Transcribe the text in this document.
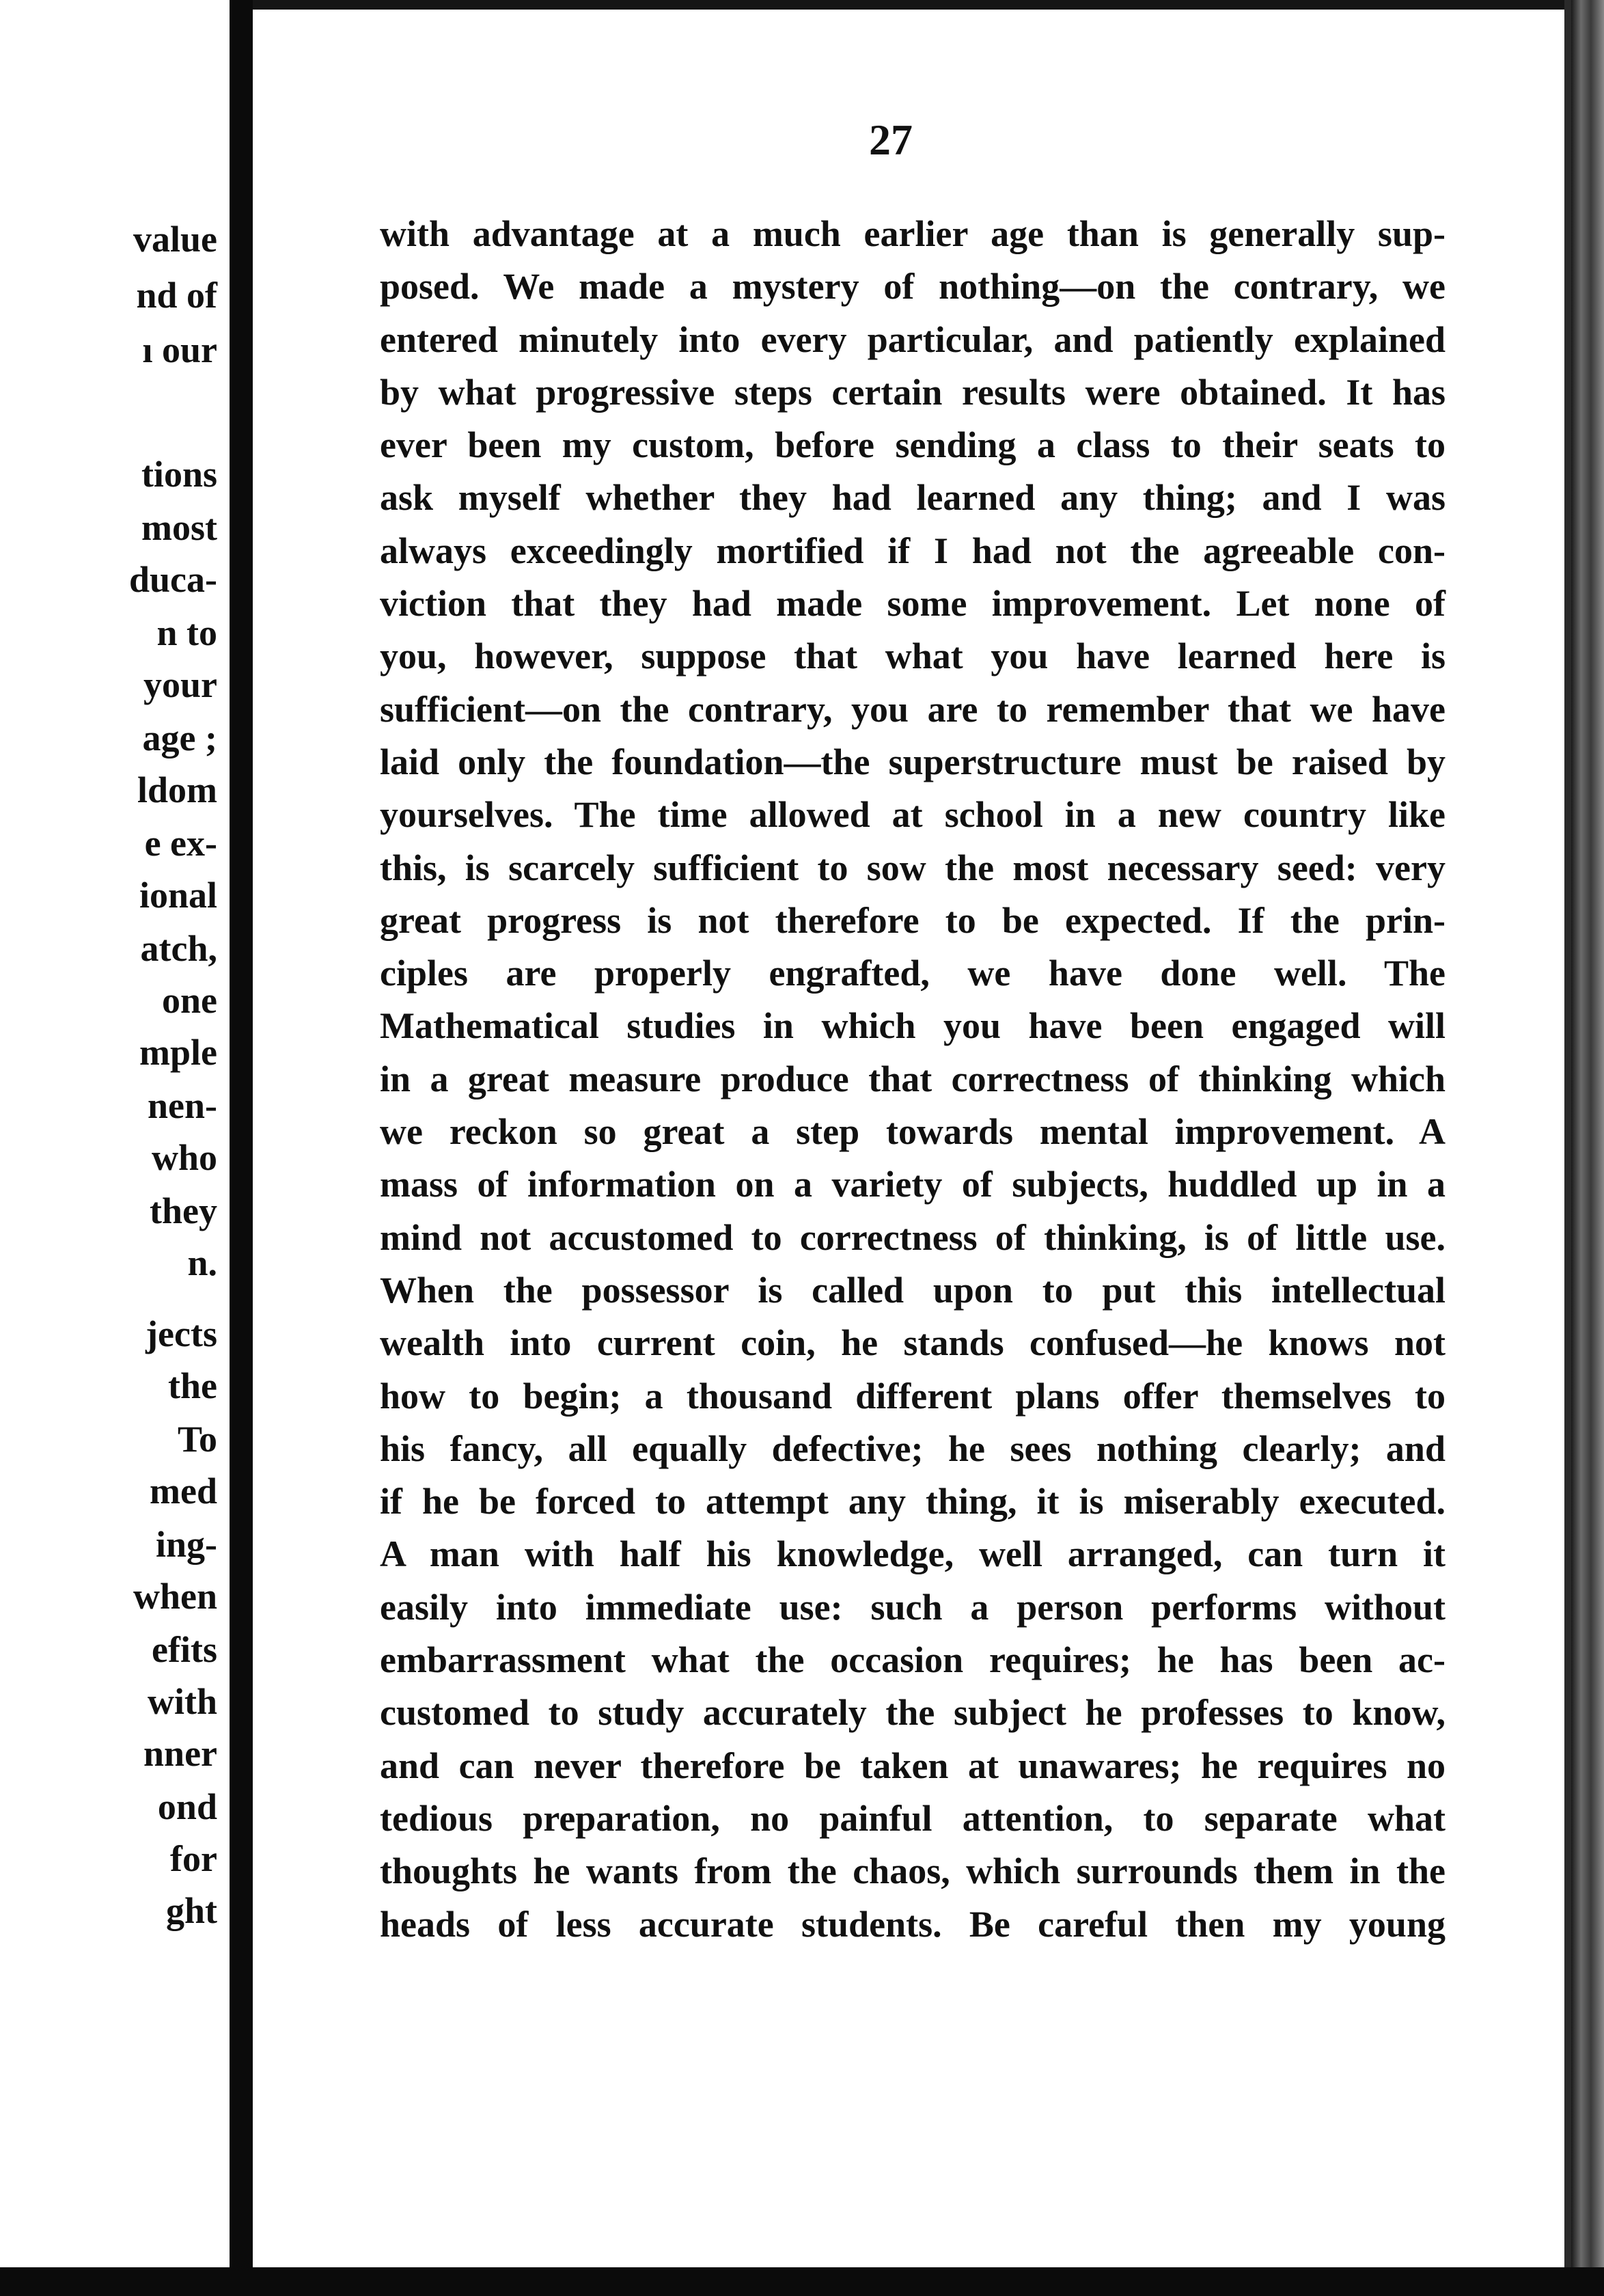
value
nd of
ı our
tions
most
duca-
n to
your
age ;
ldom
e ex-
ional
atch,
one
mple
nen-
who
they
n.
jects
the
To
med
ing-
when
efits
with
nner
ond
for
ght
27
with advantage at a much earlier age than is generally sup-
posed. We made a mystery of nothing—on the contrary, we
entered minutely into every particular, and patiently explained
by what progressive steps certain results were obtained. It has
ever been my custom, before sending a class to their seats to
ask myself whether they had learned any thing; and I was
always exceedingly mortified if I had not the agreeable con-
viction that they had made some improvement. Let none of
you, however, suppose that what you have learned here is
sufficient—on the contrary, you are to remember that we have
laid only the foundation—the superstructure must be raised by
yourselves. The time allowed at school in a new country like
this, is scarcely sufficient to sow the most necessary seed: very
great progress is not therefore to be expected. If the prin-
ciples are properly engrafted, we have done well. The
Mathematical studies in which you have been engaged will
in a great measure produce that correctness of thinking which
we reckon so great a step towards mental improvement. A
mass of information on a variety of subjects, huddled up in a
mind not accustomed to correctness of thinking, is of little use.
When the possessor is called upon to put this intellectual
wealth into current coin, he stands confused—he knows not
how to begin; a thousand different plans offer themselves to
his fancy, all equally defective; he sees nothing clearly; and
if he be forced to attempt any thing, it is miserably executed.
A man with half his knowledge, well arranged, can turn it
easily into immediate use: such a person performs without
embarrassment what the occasion requires; he has been ac-
customed to study accurately the subject he professes to know,
and can never therefore be taken at unawares; he requires no
tedious preparation, no painful attention, to separate what
thoughts he wants from the chaos, which surrounds them in the
heads of less accurate students. Be careful then my young
